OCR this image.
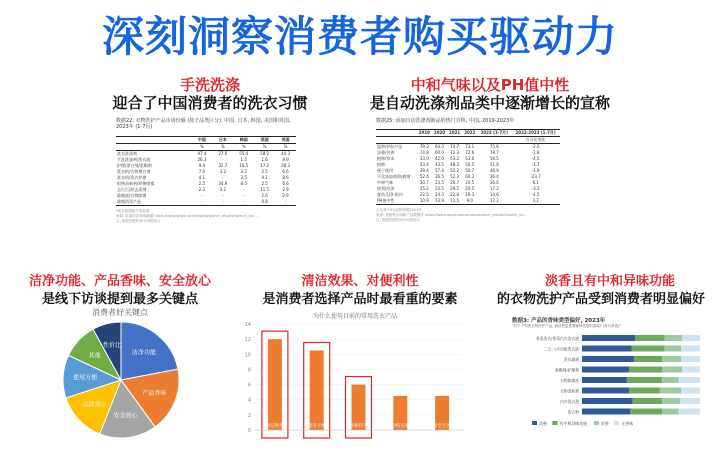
深刻洞察消费者购买驱动力
手洗洗涤
迎合了中国消费者的洗衣习惯
数据22: 衣物洗护产品市场份额 (按子品类区分), 中国, 日本, 韩国, 美国和英国, 2023年 (1-7月)
	中国	日本	韩国	美国	英国
	%	%	%	%	%
洗衣洗涤剂	47.4	27.6	55.4	58.2	44.3
手洗洗涤剂/洗衣液	26.3	-	1.5	1.6	8.9
护理/漂白剂/柔顺剂	9.4	32.7	18.5	17.2	28.3
洗衣机/衣物增白剂	7.0	3.2	3.2	2.5	6.6
洗衣机/洗衣护理	4.1	-	3.5	4.1	8.6
织物清新剂/织物喷雾	2.5	34.9	8.5	2.5	6.6
去污污渍/去渍剂	2.3	3.2	-	11.5	2.9
除菌液/衣物除菌	-	-	-	2.6	2.9
除菌消毒产品	-	-	-	0.8	-
*统计数据缺失的渠道
来源: 欧睿信息咨询数据 https://www.gnpd.com/sinatra/search_results?search_id=...
注: 数据依据时间不同段展示
中和气味以及PH值中性
是自动洗涤剂品类中逐渐增长的宣称
数据25: 添加自动洗涤剂新品的热门宣称, 中国, 2019-2023年
	2019	2020	2021	2022	2023 (1-7月)	2022-2023 (1-7月)
						百分比变化
温和/护肤产品	79.3	64.3	74.7	73.1	75.6	-2.5
添香/芳香	74.8	60.0	72.3	72.6	78.7	-1.8
植物/草本	33.0	42.0	53.2	53.6	58.5	-4.5
抑菌	23.4	43.5	48.3	50.5	51.8	-1.7
便于使用	39.4	57.4	55.2	50.7	48.9	-1.9
不含添加剂/防腐剂	52.4	36.5	52.3	60.3	36.4	-23.7
中和气味	30.7	23.5	20.7	20.5	26.6	6.1
便利/经济	25.2	23.5	29.5	20.5	17.2	-3.3
婴幼儿(0-4岁)	22.5	24.3	22.0	19.3	14.6	-4.5
PH值中性	10.9	13.9	11.5	9.0	12.2	3.2
占比高于5%宣称按照2023年
来源: 英敏特全球新产品数据库 https://www.gnpd.com/sinatra/search_results?search_id=...
注: 数据依据时间不同段展示
洁净功能、产品香味、安全放心
是线下访谈提到最多关键点
消费者好关键点
洁净功能
产品香味
安全放心
品牌效应
使用方便
其他
性价比
清洁效果、对便利性
是消费者选择产品时最看重的要素
为什么使用目前的常用洗衣产品
0
2
4
6
8
10
12
14
清洁效果	使用方便	香味持久	价格实惠	安全无害
淡香且有中和异味功能
的衣物洗护产品受到消费者明显偏好
数据3: 产品的香味类型偏好, 2023年
"对于下列洗衣物洗护产品, 请问您更喜欢哪种类型的香味? (每行单选)"
香氛洗衣/香氛内衣洗衣液
二合一/多功能洗衣液
洗衣凝珠
柔顺剂/护理剂
衣物除菌液
衣物清新剂
内衣洗衣液
洗衣粉
淡香	有中和异味功能	浓香	无香味
